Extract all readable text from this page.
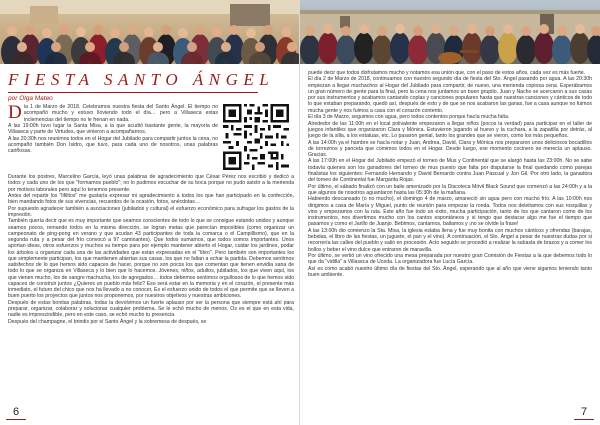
FIESTA SANTO ÁNGEL
por Olga Mateo

Día 1 de Marzo de 2018. Celebramos nuestra fiesta del Santo Ángel. El tiempo no acompañó mucho y estuvo lloviendo todo el día… pero a Villaseca estas inclemencias del tiempo no le frenan en nada.

A las 19:00h tuvo lugar la Santa Misa, a la que acudió bastante gente, la mayoría de Villaseca y parte de Virtudes, que vinieron a acompañarnos.

A las 20:30h nos reunimos todos en el Hogar del Jubilado para compartir juntos la cena, no acompañó también Don Isidro, que tuvo, para cada uno de nosotros, unas palabras cariñosas.

Durante los postres, Marcelino García, leyó unas palabras de agradecimiento que César Pérez nos escribió y dedicó a todos y cada uno de los que "formamos pueblo"; no lo pudimos escuchar de su boca porque no pudo asistir a la merienda por motivos laborales pero aquí lo tenemos presente.

Antes del repartir los "lifilitos" me gustaría expresar mi agradecimiento a todos los que han participado en la confección, bien mandando fotos de sus vivencias, recuerdos de la ocasión, fotos, anécdotas…

Por supuesto agradecer también a asociaciones (jubilados y cultural) el esfuerzo económico para sufragar los gastos de la impresión.

También quería decir que es muy importante que seamos conscientes de todo lo que se consigue estando unidos y aunque seamos pocos, remando todos en la misma dirección, se logran metas que parecían imposibles (como organizar un campeonato de ping-pong en verano y que acudan 43 participantes de toda la comarca o el Campillismo), que en la segunda ruta y a pesar del frío convocó a 97 caminantes). Que todos sumamos, que todos somos importantes. Unos aportan ideas, otros esfuerzos y muchos su tiempo para por ejemplo mantener abierto el Hogar, cuidar los jardines, podar los árboles u organizar cada una de las actividades que están expresadas en el "libro". Pero también son importantes los que simplemente participan, los que mantienen abiertas sus casas, los que no faltan a echar la partida. Debemos sentirnos satisfechos de lo que hemos sido capaces de hacer, porque no son pocos los que comentan que tienen envidia sana de todo lo que se organiza en Villaseca y lo bien que lo hacemos. Jóvenes, niños, adultos, jubilados, los que viven aquí, los que vienen mucho, los de sangre machucha, los de agregados… todos debemos sentirnos orgullosos de lo que hemos sido capaces de construir juntos ¿Quieres un pueblo más feliz? Eso será estar en la memoria y en el corazón, el presente más inmediato, el futuro del chico que nos ha llevado a no conocer, Es el esfuerzo unido de todos el que permite que se lleven a buen puerto los proyectos que juntos nos proponemos, por nuestros objetivos y nuestras ambiciones.

Después de estas bonitas palabras, todas la devolvimos un fuerte aplauso por ser la persona que siempre está ahí para preparar, organizar, colaborar y solucionar cualquier problema. Se le echó mucho de menos. Os es el que en esta vida, nadie es imprescindible, pero en este caso, se echó mucho tu presencia.

Después del champagne, el brindis por el Santo Ángel y la sobremesa de después, se

6

puede decir que todos disfrutamos mucho y notamos esa unión que, con el paso de estos años, cada vez es más fuerte.

El día 2 de Marzo de 2018, continuamos con nuestro segundo día de fiesta del Sto. Ángel pasando por agua. A las 20:30h empiezan a llegar muchachos al Hogar del Jubilado para compartir, de nuevo, una merienda copiosa cena. Esperábamos un gran número de gente para la final, pero la cena nos juntamos un buen grupito. Juan y Nacho se acercaron a sus casas por sus instrumentos y acabamos cantando coplas y canciones populares hasta que nuestras canciones y cánticos de todo lo que estaban preparando, quedó así, después de esto y de que se nos acabaron las ganas, fue a casa aunque no fuimos mucha gente y nos fuimos a casa con el corazón contento.

El día 3 de Marzo, seguimos con agua, pero todos contentos porque hacía mucha falta.

Alrededor de las 11:00h en el local polivalente empezaron a llegar niños (pocos la verdad) para participar en el taller de juegos infantiles que organizaron Clara y Mónica. Estuvieron jugando al huevo y la cuchara, a la zapatilla por detrás, al juego de la silla, a los estatuas, etc. Lo pasaron genial, tanto los grandes que se vieron, como los más pequeños.

A las 14:00h ya el hambre se hacía notar y Juan, Andrea, David, Clara y Mónica nos prepararon unos deliciosos bocadillos de torreznos y panceta que comimos todos en el Hogar. Desde luego, ese momento cocinero se merecía un aplauso. Gracias.

A las 17:00h en el Hogar del Jubilado empezó el torneo de Mus y Continental que se alargó hasta las 23:00h. No se sabe todavía quienes son los ganadores del torneo de mus puesto que falta por disputarse la final quedando como parejas finalistas los siguientes: Fernando Hernando y David Bernardo contra Juan Pascual y Jon Gil. Por otro lado, la ganadora del torneo de Continental fue Margarita Rojas.

Por último, el sábado finalizó con un baile amenizado por la Discoteca Móvil Black Sound que comenzó a las 24:00h y a la que algunos de nosotros aguantaron hasta las 05:30h de la mañana.

Habiendo descansado (o no mucho), el domingo 4 de marzo, amaneció sin agua pero con mucho frío. A las 10:00h nos dirigimos a casa de María y Miguel, punto de reunión para empezar la ronda. Todos nos deleitamos con sus rosquillas y vino y empezamos con la ruta. Este año fue todo un éxito, mucha participación, tanto de los que cantaron como de los instrumentos, nos divertimos mucho con los cantos espontáneos y si tengo que destacar algo me fue el tiempo que pasamos y como el Jarillo de Juanjo. Bebimos, cantamos, bailamos y ¡no se olvide la frase!

A las 13:00h dio comienzo la Sta. Misa, la iglesia estaba llena y fue muy bonita con muchos cánticos y ofrendas (barajas, bebidas, el libro de las fiestas, un juguete, el pan y el vino). A continuación, el Sto. Ángel a pesar de nuestras dudas por si recorrería las calles del pueblo y salió en procesión. Acto seguido se procedió a realizar la subasta de brazos y a comer los bollos y beber el vino dulce que entraron de maravilla.

Por último, se vertió un vino ofrecido una mesa preparada por nuestro gran Comisión de Fiestas a la que debemos todo lo que da "vidilla" a Villaseca de Uceda. La organizadora fue Lucía García.

Así es como acabó nuestro último día de fiestas del Sto. Ángel, esperando que al año que viene sigamos teniendo tanto buen ambiente.

7
